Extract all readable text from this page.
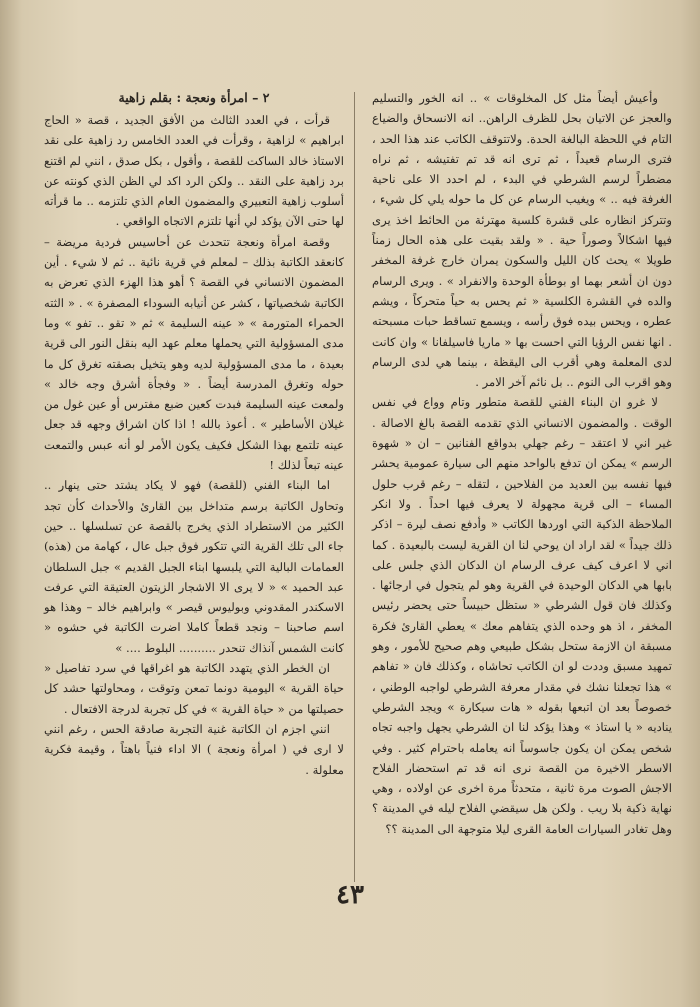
وأعيش أيضاً مثل كل المخلوقات » .. انه الخور والتسليم والعجز عن الاتيان بحل للظرف الراهن.. انه الانسحاق والضياع التام في اللحظة البالغة الحدة. ولاتتوقف الكاتب عند هذا الحد ، فترى الرسام قعيداً ، ثم ترى انه قد تم تفتيشه ، ثم نراه مضطراً لرسم الشرطي في البدء ، لم احدد الا على ناحية الغرفة فيه .. » ويغيب الرسام عن كل ما حوله يلي كل شيء ، وتتركز انظاره على قشرة كلسية مهترئة من الحائط اخذ يرى فيها اشكالاً وصوراً حية . « ولقد بقيت على هذه الحال زمناً طويلا » يحث كان الليل والسكون يمران خارج غرفة المخفر دون ان أشعر بهما او بوطأة الوحدة والانفراد » . ويرى الرسام والده في القشرة الكلسية « ثم يحس به حياً متحركاً ، ويشم عطره ، ويحس بيده فوق رأسه ، ويسمع تساقط حبات مسبحته . انها نفس الرؤيا التي احست بها « ماريا فاسيلفانا » وان كانت لدى المعلمة وهي أقرب الى اليقظة ، بينما هي لدى الرسام وهو اقرب الى النوم .. بل نائم آخر الامر .

لا غرو ان البناء الفني للقصة متطور وتام وواع في نفس الوقت . والمضمون الانساني الذي تقدمه القصة بالغ الاصالة . غير اني لا اعتقد – رغم جهلي بدواقع الفنانين – ان « شهوة الرسم » يمكن ان تدفع بالواحد منهم الى سيارة عمومية يحشر فيها نفسه بين العديد من الفلاحين ، لتقله – رغم قرب حلول المساء – الى قرية مجهولة لا يعرف فيها احداً . ولا انكر الملاحظة الذكية التي اوردها الكاتب « وأدفع نصف ليرة – اذكر ذلك جيداً » لقد اراد ان يوحي لنا ان القرية ليست بالبعيدة . كما اني لا اعرف كيف عرف الرسام ان الدكان الذي جلس على بابها هي الدكان الوحيدة في القرية وهو لم يتجول في ارجائها . وكذلك فان قول الشرطي « ستظل حبيساً حتى يحضر رئيس المخفر ، اذ هو وحده الذي يتفاهم معك » يعطي القارئ فكرة مسبقة ان الازمة ستحل بشكل طبيعي وهم صحيح للأمور ، وهو تمهيد مسبق وددت لو ان الكاتب تحاشاه ، وكذلك فان « تفاهم » هذا تجعلنا نشك في مقدار معرفة الشرطي لواجبه الوطني ، خصوصاً بعد ان اتبعها بقوله « هات سيكارة » ويجد الشرطي يناديه « يا استاذ » وهذا يؤكد لنا ان الشرطي يجهل واجبه تجاه شخص يمكن ان يكون جاسوساً انه يعامله باحترام كثير . وفي الاسطر الاخيرة من القصة نرى انه قد تم استحضار الفلاح الاجش الصوت مرة ثانية ، متحدثاً مرة اخرى عن اولاده ، وهي نهاية ذكية بلا ريب . ولكن هل سيقضي الفلاح ليله في المدينة ؟ وهل تغادر السيارات العامة القرى ليلا متوجهة الى المدينة ؟؟

٢ – امرأة ونعجة : بقلم زاهية

قرأت ، في العدد الثالث من الأفق الجديد ، قصة « الحاج ابراهيم » لزاهية ، وقرأت في العدد الخامس رد زاهية على نقد الاستاذ خالد الساكت للقصة ، وأقول ، بكل صدق ، انني لم اقتنع برد زاهية على النقد .. ولكن الرد اكد لي الظن الذي كونته عن أسلوب زاهية التعبيري والمضمون العام الذي تلتزمه .. ما قرأته لها حتى الآن يؤكد لي أنها تلتزم الاتجاه الواقعي .

وقصة امرأة ونعجة تتحدث عن أحاسيس فردية مريضة – كانعقد الكاتبة بذلك – لمعلم في قرية نائية .. ثم لا شيء . أين المضمون الانساني في القصة ؟ أهو هذا الهزء الذي تعرض به الكاتبة شخصياتها ، كشر عن أنيابه السوداء المصفرة » . « الثته الحمراء المتورمة » « عينه السليمة » ثم « تقو .. تفو » وما مدى المسؤولية التي يحملها معلم عهد اليه بنقل النور الى قرية بعيدة ، ما مدى المسؤولية لديه وهو يتخيل بصقته تغرق كل ما حوله وتغرق المدرسة أيضاً . « وفجأة أشرق وجه خالد » ولمعت عينه السليمة فبدت كعين ضبع مفترس أو عين غول من غيلان الأساطير » . أعوذ بالله ! اذا كان اشراق وجهه قد جعل عينه تلتمع بهذا الشكل فكيف يكون الأمر لو أنه عبس والتمعت عينه تبعاً لذلك !

اما البناء الفني (للقصة) فهو لا يكاد يشتد حتى ينهار .. وتحاول الكاتبة برسم متداخل بين القارئ والأحداث كأن تجد الكثير من الاستطراد الذي يخرج بالقصة عن تسلسلها .. حين جاء الى تلك القرية التي تتكور فوق جبل عال ، كهامة من (هذه) العمامات البالية التي يلبسها ابناء الجبل القديم » جبل السلطان عبد الحميد » « لا يرى الا الاشجار الزيتون العتيقة التي عرفت الاسكندر المقدوني وبوليوس قيصر » وابراهيم خالد – وهذا هو اسم صاحبنا – ونجد قطعاً كاملا اضرت الكاتبة في حشوه « كانت الشمس آنذاك تنحدر .......... البلوط .... »

ان الخطر الذي يتهدد الكاتبة هو اغراقها في سرد تفاصيل « حياة القرية » اليومية دونما تمعن وتوقت ، ومحاولتها حشد كل حصيلتها من « حياة القرية » في كل تجربة لدرجة الافتعال .

انني اجزم ان الكاتبة غنية التجربة صادقة الحس ، رغم انني لا ارى في ( امرأة ونعجة ) الا اداء فنياً باهتاً ، وقيمة فكرية معلولة .

٤٣
